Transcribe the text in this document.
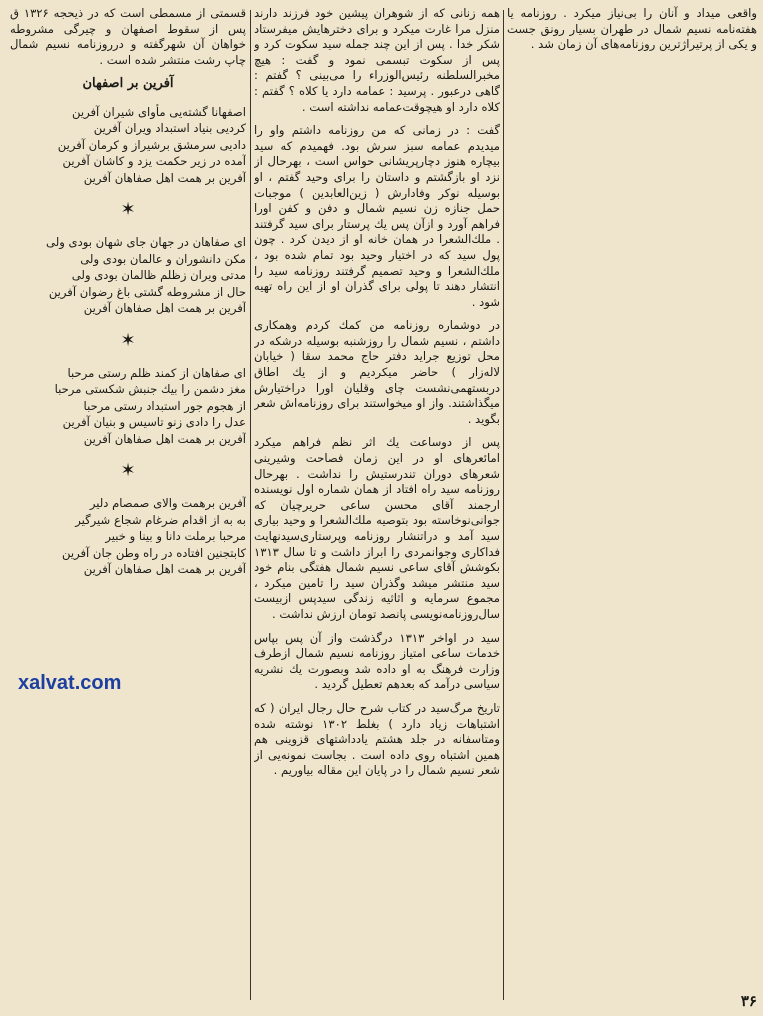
واقعی میداد و آنان را بی‌نیاز میکرد . روزنامه یا هفته‌نامه نسیم شمال در طهران بسیار رونق جست و یکی از پرتیراژترین روزنامه‌های آن زمان شد .

همه زنانی که از شوهران پیشین خود فرزند دارند منزل مرا غارت میکرد و برای دخترهایش میفرستاد شکر خدا . پس از این چند جمله سید سکوت کرد و پس از سکوت تبسمی نمود و گفت : هیچ مخبرالسلطنه رئیس‌الوزراء را می‌بینی ؟ گفتم : گاهی درعبور . پرسید : عمامه دارد یا کلاه ؟ گفتم : کلاه دارد او هیچوقت‌عمامه نداشته است .

گفت : در زمانی که من روزنامه داشتم واو را میدیدم عمامه سبز سرش بود. فهمیدم که سید بیچاره هنوز دچارپریشانی حواس است ، بهرحال از نزد او بازگشتم و داستان را برای وحید گفتم ، او بوسیله نوکر وفادارش ( زین‌العابدین ) موجبات حمل جنازه زن نسیم شمال و دفن و کفن اورا فراهم آورد و ازآن پس یك پرستار برای سید گرفتند . ملك‌الشعرا در همان خانه او از دیدن کرد . چون پول سید که در اختیار وحید بود تمام شده بود ، ملك‌الشعرا و وحید تصمیم گرفتند روزنامه سید را انتشار دهند تا پولی برای گذران او از این راه تهیه شود .

در دوشماره روزنامه من کمك کردم وهمکاری داشتم ، نسیم شمال را روزشنبه بوسیله درشکه در محل توزیع جراید دفتر حاج محمد سقا ( خیابان لاله‌زار ) حاضر میکردیم و از یك اطاق دربستهمی‌نشست چای وقلیان اورا دراختیارش میگذاشتند. واز او میخواستند برای روزنامه‌اش شعر بگوید .

پس از دوساعت یك اثر نظم فراهم میکرد امائعرهای او در این زمان فصاحت وشیرینی شعرهای دوران تندرستیش را نداشت . بهرحال روزنامه سید راه افتاد از همان شماره اول نویسنده ارجمند آقای محسن ساعی حریرچیان که جوانی‌نوخاسته بود بتوصیه ملك‌الشعرا و وحید بیاری سید آمد و دراتنشار روزنامه وپرستاری‌سیدنهایت فداکاری وجوانمردی را ابراز داشت و تا سال ۱۳۱۳ بکوشش آقای ساعی نسیم شمال هفتگی بنام خود سید منتشر میشد وگذران سید را تامین میکرد ، مجموع سرمایه و اثاثیه زندگی سیدپس ازبیست سال‌روزنامه‌نویسی پانصد تومان ارزش نداشت .

سید در اواخر ۱۳۱۳ درگذشت واز آن پس بپاس خدمات ساعی امتیاز روزنامه نسیم شمال ازطرف وزارت فرهنگ به او داده شد وبصورت یك نشریه سیاسی درآمد که بعدهم تعطیل گردید .

تاریخ مرگ‌سید در کتاب شرح حال رجال ایران ( که اشتباهات زیاد دارد ) بغلط ۱۳۰۲ نوشته شده ومتاسفانه در جلد هشتم یادداشتهای قزوینی هم همین اشتباه روی داده است . بجاست نمونه‌یی از شعر نسیم شمال را در پایان این مقاله بیاوریم .

قسمتی از مسمطی است که در ذیحجه ۱۳۲۶ ق پس از سقوط اصفهان و چیرگی مشروطه خواهان آن شهرگفته و درروزنامه نسیم شمال چاپ رشت منتشر شده است .

آفرین بر اصفهان

اصفهانا گشته‌یی مأوای شیران آفرین
کردیی بنیاد استبداد ویران آفرین
دادیی سرمشق برشیراز و کرمان آفرین
آمده در زیر حکمت یزد و کاشان آفرین
آفرین بر همت اهل صفاهان آفرین

✶

ای صفاهان در جهان جای شهان بودی ولی
مکن دانشوران و عالمان بودی ولی
مدتی ویران زظلم ظالمان بودی ولی
حال از مشروطه گشتی باغ رضوان آفرین
آفرین بر همت اهل صفاهان آفرین

✶

ای صفاهان از کمند ظلم رستی مرحبا
مغز دشمن را بیك جنبش شکستی مرحبا
از هجوم جور استبداد رستی مرحبا
عدل را دادی زنو تاسیس و بنیان آفرین
آفرین بر همت اهل صفاهان آفرین

✶

آفرین برهمت والای صمصام دلیر
به به از اقدام ضرغام شجاع شیرگیر
مرحبا برملت دانا و بینا و خبیر
کابتجنین افتاده در راه وطن جان آفرین
آفرین بر همت اهل صفاهان آفرین

xalvat.com
۳۶
